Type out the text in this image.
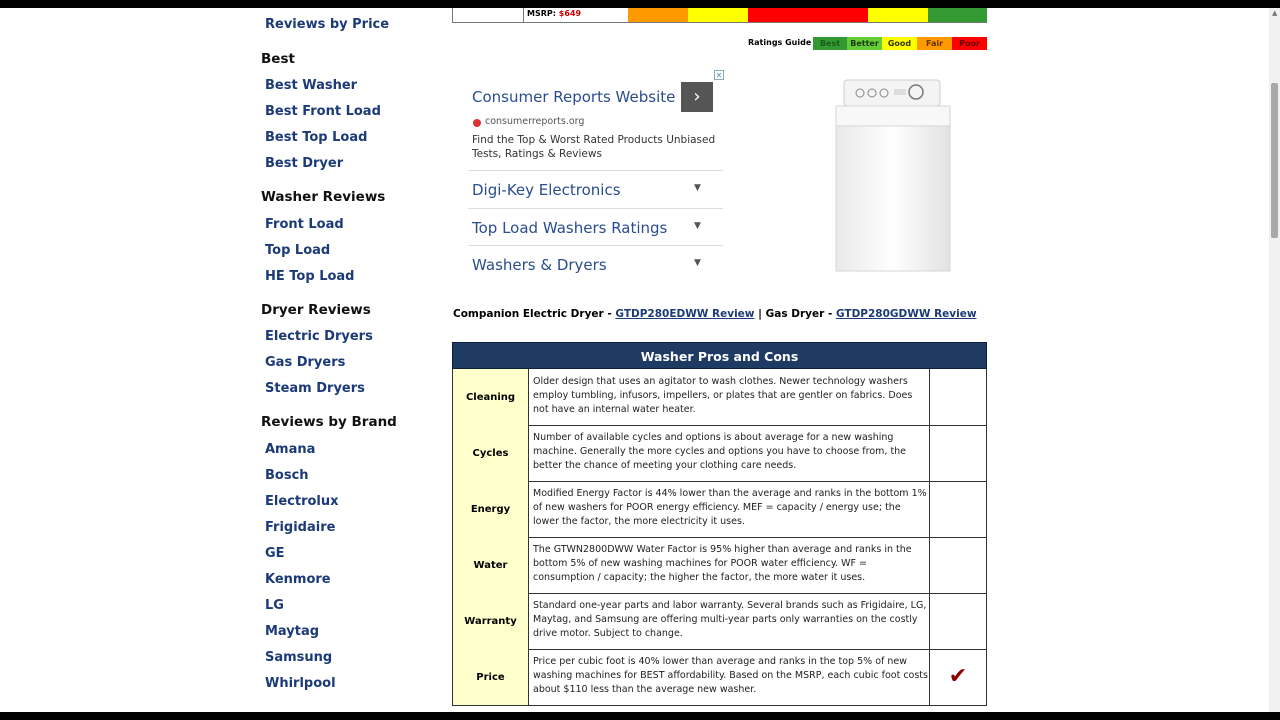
Reviews by Price
Best
Best Washer
Best Front Load
Best Top Load
Best Dryer
Washer Reviews
Front Load
Top Load
HE Top Load
Dryer Reviews
Electric Dryers
Gas Dryers
Steam Dryers
Reviews by Brand
Amana
Bosch
Electrolux
Frigidaire
GE
Kenmore
LG
Maytag
Samsung
Whirlpool
MSRP: $649
Ratings Guide	Best	Better	Good	Fair	Poor
✕
Consumer Reports Website	›
consumerreports.org
Find the Top & Worst Rated Products Unbiased Tests, Ratings & Reviews
Digi-Key Electronics	▼
Top Load Washers Ratings	▼
Washers & Dryers	▼
Companion Electric Dryer - GTDP280EDWW Review | Gas Dryer - GTDP280GDWW Review
Washer Pros and Cons
Cleaning
Older design that uses an agitator to wash clothes. Newer technology washers employ tumbling, infusors, impellers, or plates that are gentler on fabrics. Does not have an internal water heater.
Cycles
Number of available cycles and options is about average for a new washing machine. Generally the more cycles and options you have to choose from, the better the chance of meeting your clothing care needs.
Energy
Modified Energy Factor is 44% lower than the average and ranks in the bottom 1% of new washers for POOR energy efficiency. MEF = capacity / energy use; the lower the factor, the more electricity it uses.
Water
The GTWN2800DWW Water Factor is 95% higher than average and ranks in the bottom 5% of new washing machines for POOR water efficiency. WF = consumption / capacity; the higher the factor, the more water it uses.
Warranty
Standard one-year parts and labor warranty. Several brands such as Frigidaire, LG, Maytag, and Samsung are offering multi-year parts only warranties on the costly drive motor. Subject to change.
Price
Price per cubic foot is 40% lower than average and ranks in the top 5% of new washing machines for BEST affordability. Based on the MSRP, each cubic foot costs about $110 less than the average new washer.
✔
▲
